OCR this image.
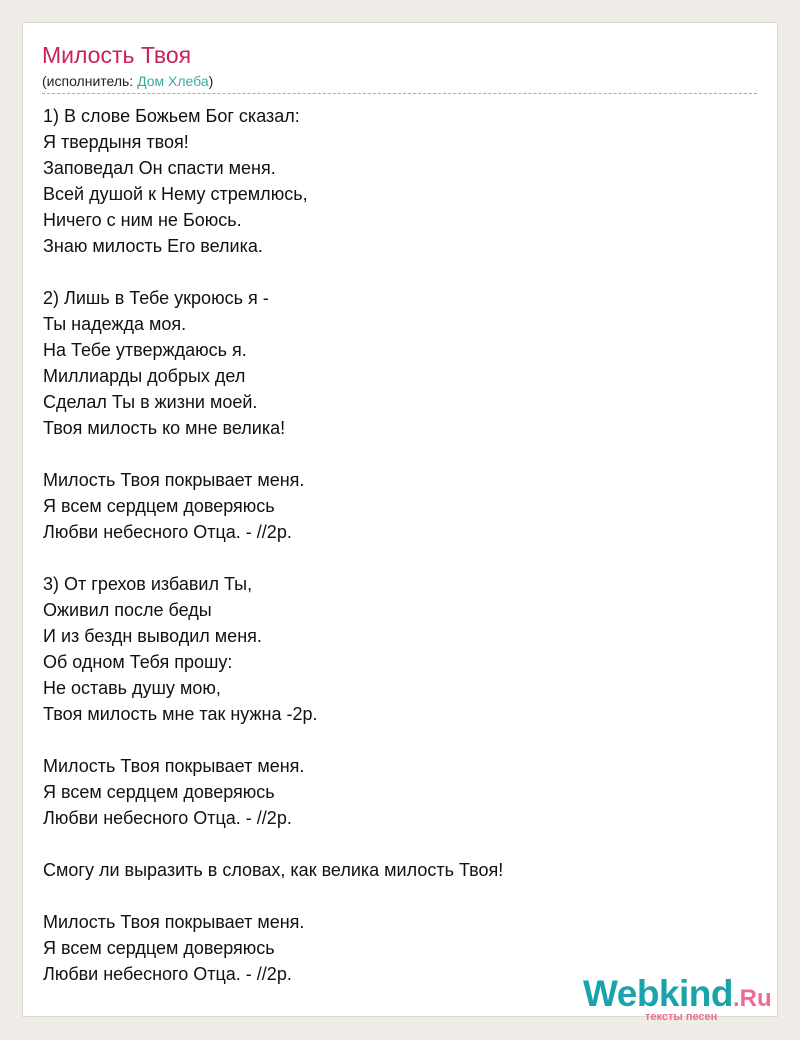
Милость Твоя
(исполнитель: Дом Хлеба)
1) В слове Божьем Бог сказал:
Я твердыня твоя!
Заповедал Он спасти меня.
Всей душой к Нему стремлюсь,
Ничего с ним не Боюсь.
Знаю милость Его велика.
2) Лишь в Тебе укроюсь я -
Ты надежда моя.
На Тебе утверждаюсь я.
Миллиарды добрых дел
Сделал Ты в жизни моей.
Твоя милость ко мне велика!
Милость Твоя покрывает меня.
Я всем сердцем доверяюсь
Любви небесного Отца. - //2р.
3) От грехов избавил Ты,
Оживил после беды
И из бездн выводил меня.
Об одном Тебя прошу:
Не оставь душу мою,
Твоя милость мне так нужна -2р.
Милость Твоя покрывает меня.
Я всем сердцем доверяюсь
Любви небесного Отца. - //2р.
Смогу ли выразить в словах, как велика милость Твоя!
Милость Твоя покрывает меня.
Я всем сердцем доверяюсь
Любви небесного Отца. - //2р.	Webkind.Ru
тексты песен
